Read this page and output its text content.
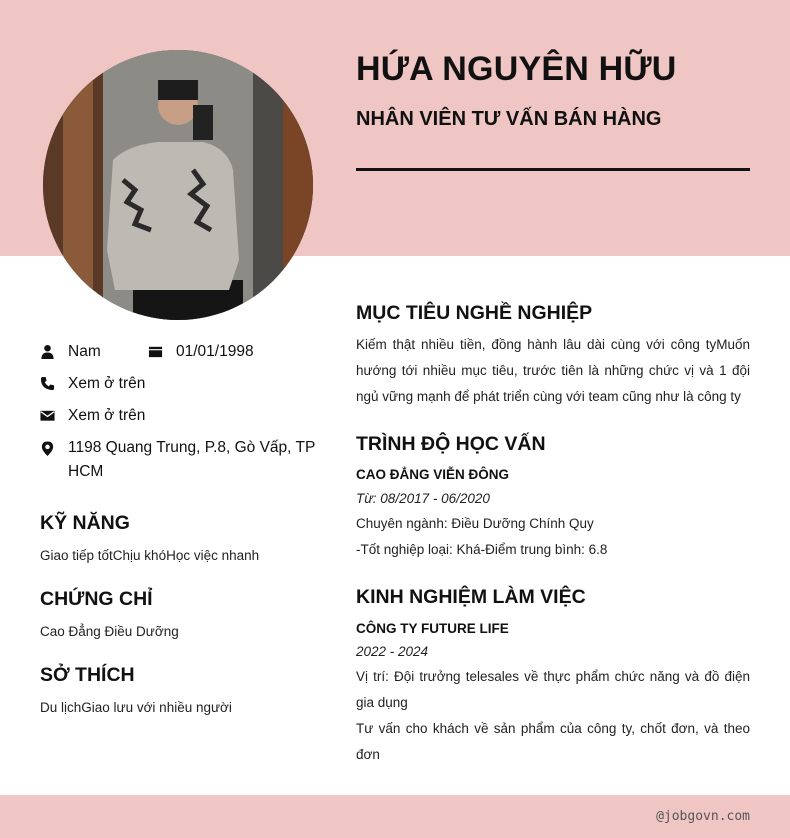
HỨA NGUYÊN HỮU
NHÂN VIÊN TƯ VẤN BÁN HÀNG
Nam	01/01/1998
Xem ở trên
Xem ở trên
1198 Quang Trung, P.8, Gò Vấp, TP HCM
KỸ NĂNG

Giao tiếp tốtChịu khóHọc việc nhanh

CHỨNG CHỈ

Cao Đẳng Điều Dưỡng

SỞ THÍCH

Du lịchGiao lưu với nhiều người

MỤC TIÊU NGHỀ NGHIỆP

Kiếm thật nhiều tiền, đồng hành lâu dài cùng với công tyMuốn hướng tới nhiều mục tiêu, trước tiên là những chức vị và 1 đội ngủ vững mạnh để phát triển cùng với team cũng như là công ty

TRÌNH ĐỘ HỌC VẤN

CAO ĐẲNG VIỄN ĐÔNG

Từ: 08/2017 - 06/2020

Chuyên ngành: Điều Dưỡng Chính Quy

-Tốt nghiệp loại: Khá-Điểm trung bình: 6.8

KINH NGHIỆM LÀM VIỆC

CÔNG TY FUTURE LIFE

2022 - 2024

Vị trí: Đội trưởng telesales về thực phẩm chức năng và đồ điện gia dụng

Tư vấn cho khách về sản phẩm của công ty, chốt đơn, và theo đơn

@jobgovn.com
